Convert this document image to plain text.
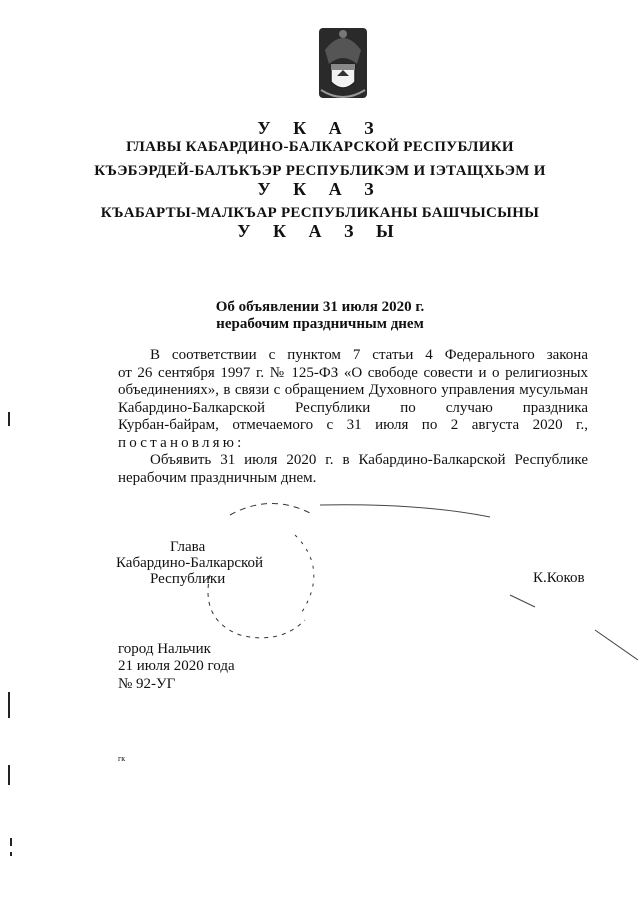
У К А З
ГЛАВЫ КАБАРДИНО-БАЛКАРСКОЙ РЕСПУБЛИКИ
КЪЭБЭРДЕЙ-БАЛЪКЪЭР РЕСПУБЛИКЭМ И IЭТАЩХЬЭМ И
У К А З
КЪАБАРТЫ-МАЛКЪАР РЕСПУБЛИКАНЫ БАШЧЫСЫНЫ
У К А З Ы
Об объявлении 31 июля 2020 г.
нерабочим праздничным днем

В соответствии с пунктом 7 статьи 4 Федерального закона

от 26 сентября 1997 г. № 125-ФЗ «О свободе совести и о религиозных

объединениях», в связи с обращением Духовного управления мусульман

Кабардино-Балкарской Республики по случаю праздника

Курбан-байрам, отмечаемого с 31 июля по 2 августа 2020 г.,

постановляю:

Объявить 31 июля 2020 г. в Кабардино-Балкарской Республике

нерабочим праздничным днем.

Глава
Кабардино-Балкарской
Республики	К.Коков
город Нальчик
21 июля 2020 года
№ 92-УГ
гк
